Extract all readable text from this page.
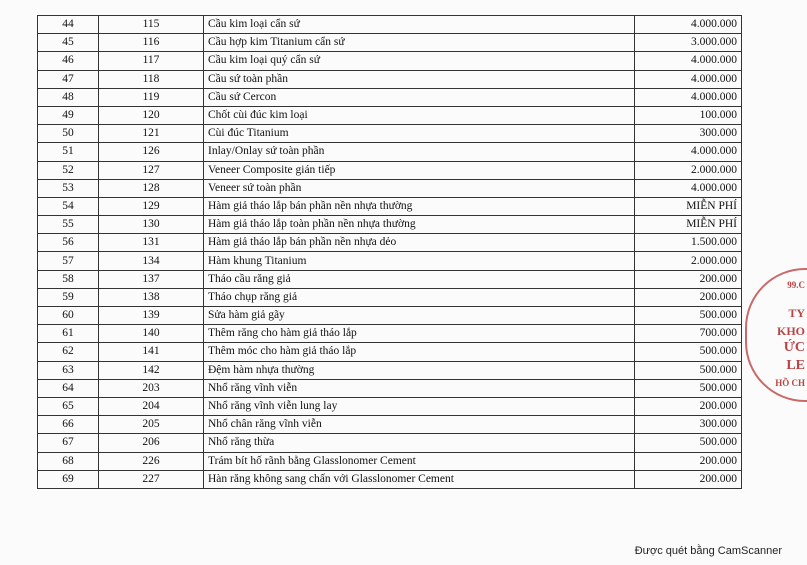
44	115	Cầu kim loại cẩn sứ	4.000.000
45	116	Cầu hợp kim Titanium cẩn sứ	3.000.000
46	117	Cầu kim loại quý cẩn sứ	4.000.000
47	118	Cầu sứ toàn phần	4.000.000
48	119	Cầu sứ Cercon	4.000.000
49	120	Chốt cùi đúc kim loại	100.000
50	121	Cùi đúc Titanium	300.000
51	126	Inlay/Onlay sứ toàn phần	4.000.000
52	127	Veneer Composite gián tiếp	2.000.000
53	128	Veneer sứ toàn phần	4.000.000
54	129	Hàm giả tháo lắp bán phần nền nhựa thường	MIỄN PHÍ
55	130	Hàm giả tháo lắp toàn phần nền nhựa thường	MIỄN PHÍ
56	131	Hàm giả tháo lắp bán phần nền nhựa dẻo	1.500.000
57	134	Hàm khung Titanium	2.000.000
58	137	Tháo cầu răng giả	200.000
59	138	Tháo chụp răng giả	200.000
60	139	Sửa hàm giả gãy	500.000
61	140	Thêm răng cho hàm giả tháo lắp	700.000
62	141	Thêm móc cho hàm giả tháo lắp	500.000
63	142	Đệm hàm nhựa thường	500.000
64	203	Nhổ răng vĩnh viễn	500.000
65	204	Nhổ răng vĩnh viễn lung lay	200.000
66	205	Nhổ chân răng vĩnh viễn	300.000
67	206	Nhổ răng thừa	500.000
68	226	Trám bít hố rãnh bằng Glasslonomer Cement	200.000
69	227	Hàn răng không sang chấn với Glasslonomer Cement	200.000
99.C
TY
KHO
ỨC
LE
HỒ CH
Được quét bằng CamScanner
